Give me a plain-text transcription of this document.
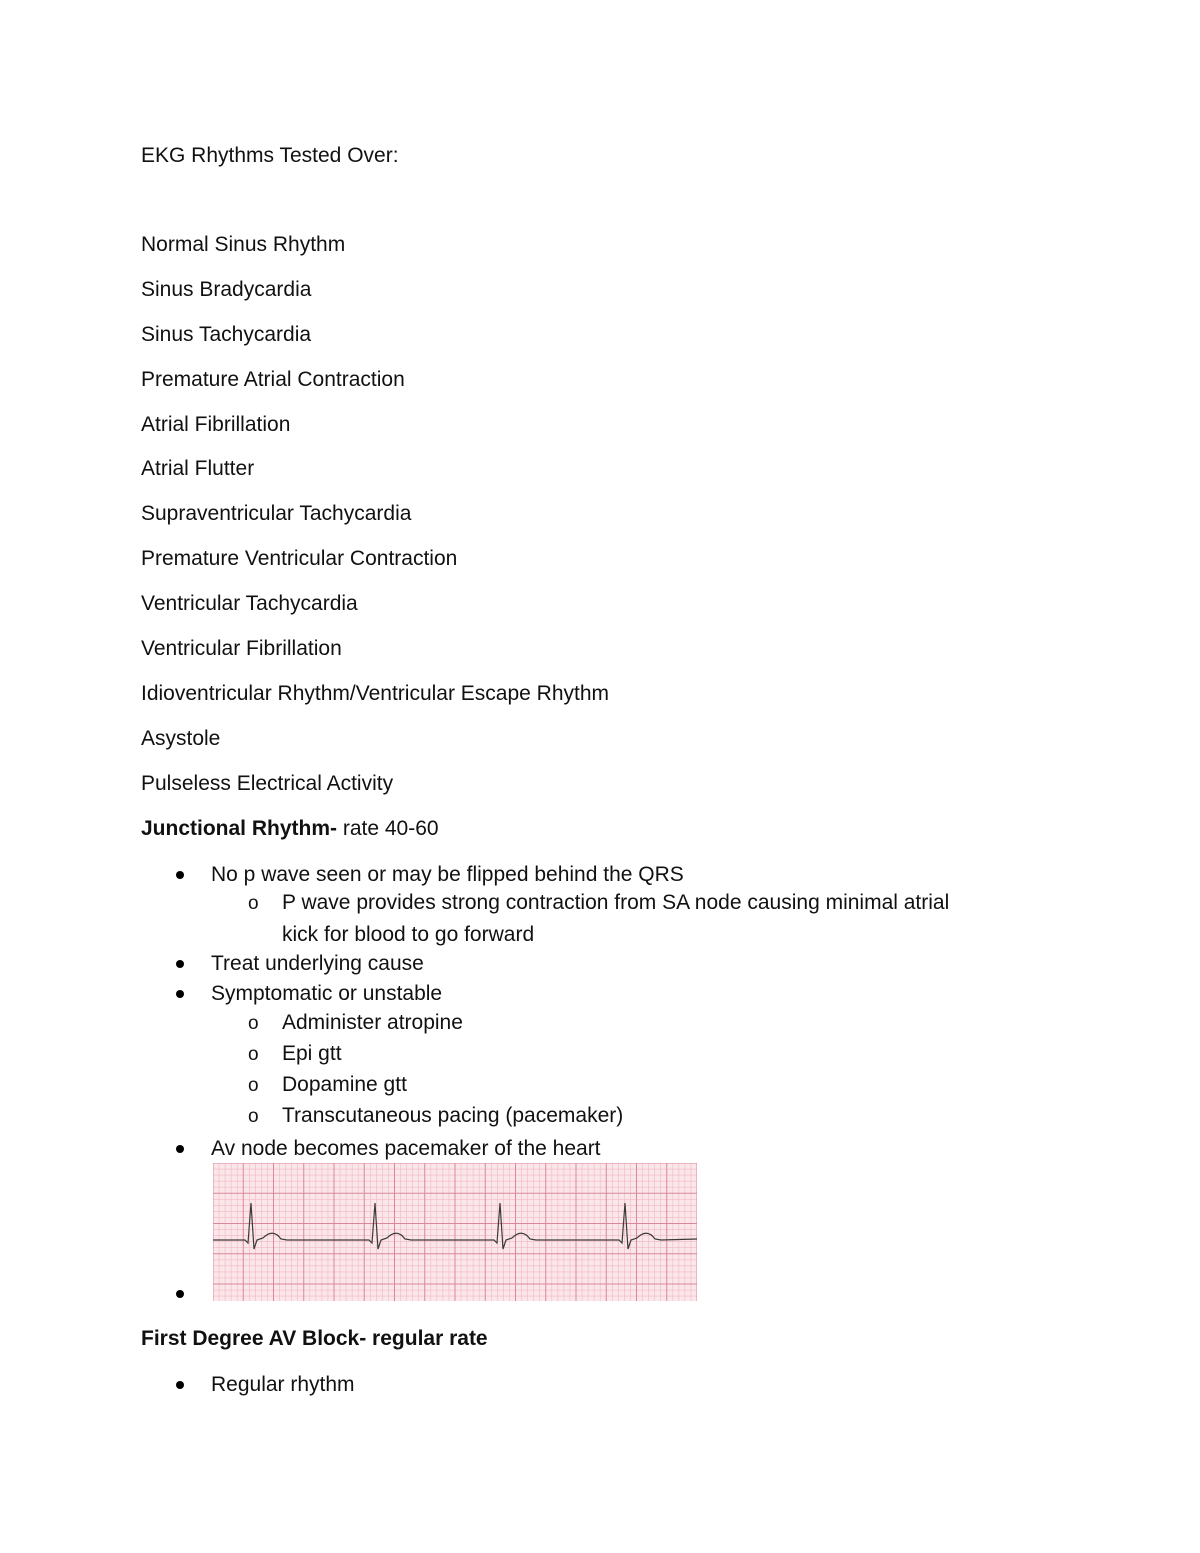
EKG Rhythms Tested Over:
Normal Sinus Rhythm
Sinus Bradycardia
Sinus Tachycardia
Premature Atrial Contraction
Atrial Fibrillation
Atrial Flutter
Supraventricular Tachycardia
Premature Ventricular Contraction
Ventricular Tachycardia
Ventricular Fibrillation
Idioventricular Rhythm/Ventricular Escape Rhythm
Asystole
Pulseless Electrical Activity
Junctional Rhythm- rate 40-60
No p wave seen or may be flipped behind the QRS
o P wave provides strong contraction from SA node causing minimal atrial
kick for blood to go forward
Treat underlying cause
Symptomatic or unstable
o Administer atropine
o Epi gtt
o Dopamine gtt
o Transcutaneous pacing (pacemaker)
Av node becomes pacemaker of the heart
First Degree AV Block- regular rate
Regular rhythm
